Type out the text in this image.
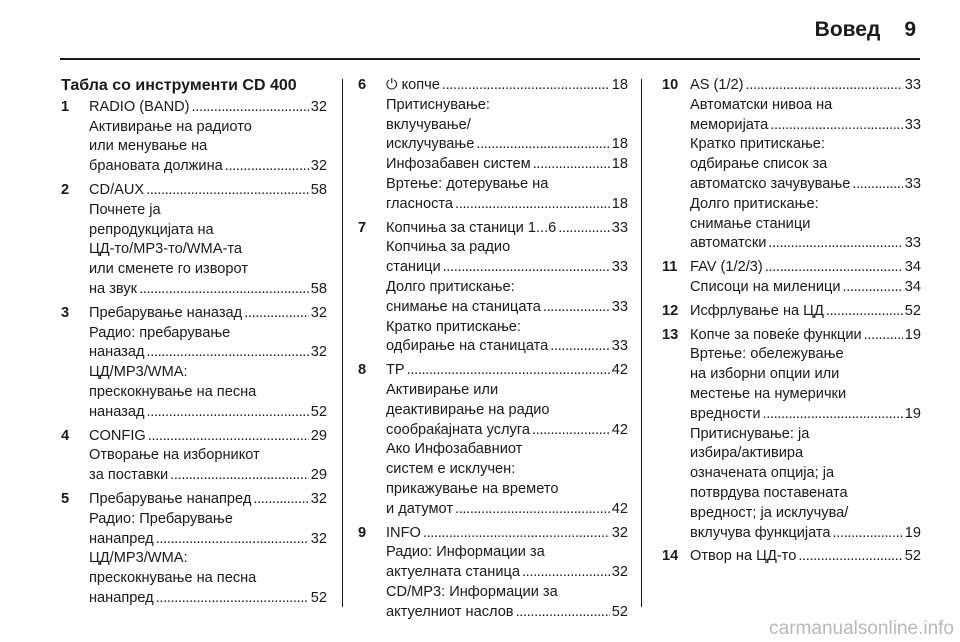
Вовед 9
Табла со инструменти CD 400
1 RADIO (BAND) . . .	32
Активирање на радиото
или менување на
брановата должина . . .	32
2 CD/AUX . . .	58
Почнете ја
репродукцијата на
ЦД-то/MP3-то/WMA-та
или сменете го изворот
на звук . . .	58
3 Пребарување наназад . . .	32
Радио: пребарување
наназад . . .	32
ЦД/MP3/WMA:
прескокнување на песна
наназад . . .	52
4 CONFIG . . .	29
Отворање на изборникот
за поставки . . .	29
5 Пребарување нанапред . . .	32
Радио: Пребарување
нанапред . . .	32
ЦД/MP3/WMA:
прескокнување на песна
нанапред . . .	52
6 ⏻ копче . . .	18
Притиснување:
вклучување/
исклучување . . .	18
Инфозабавен систем . . .	18
Вртење: дотерување на
гласноста . . .	18
7 Копчиња за станици 1...6 . . .	33
Копчиња за радио
станици . . .	33
Долго притискање:
снимање на станицата . . .	33
Кратко притискање:
одбирање на станицата . . .	33
8 TP . . .	42
Активирање или
деактивирање на радио
сообраќајната услуга . . .	42
Ако Инфозабавниот
систем е исклучен:
прикажување на времето
и датумот . . .	42
9 INFO . . .	32
Радио: Информации за
актуелната станица . . .	32
CD/MP3: Информации за
актуелниот наслов . . .	52
10 AS (1/2) . . .	33
Автоматски нивоа на
меморијата . . .	33
Кратко притискање:
одбирање список за
автоматско зачувување . . .	33
Долго притискање:
снимање станици
автоматски . . .	33
11 FAV (1/2/3) . . .	34
Списоци на миленици . . .	34
12 Исфрлување на ЦД . . .	52
13 Копче за повеќе функции . . .	19
Вртење: обележување
на изборни опции или
местење на нумерички
вредности . . .	19
Притиснување: ја
избира/активира
означената опција; ја
потврдува поставената
вредност; ја исклучува/
вклучува функцијата . . .	19
14 Отвор на ЦД-то . . .	52
carmanualsonline.info
